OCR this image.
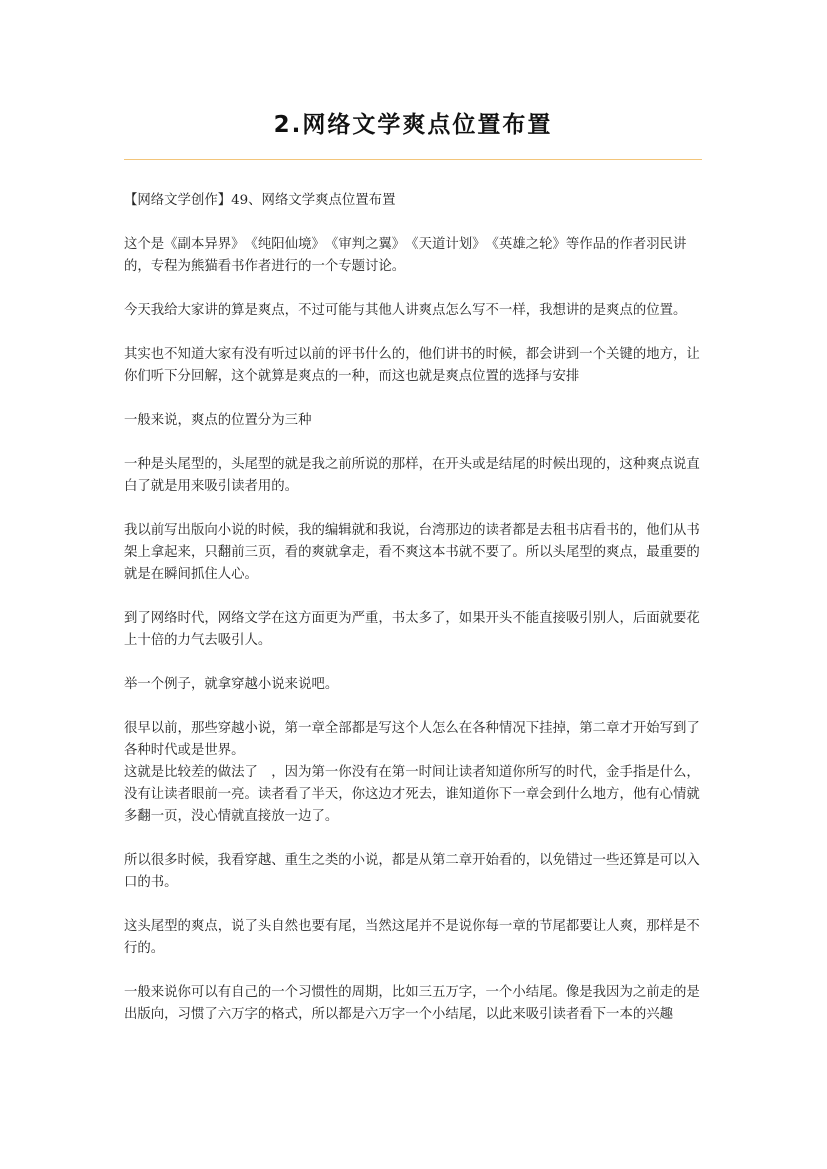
2.网络文学爽点位置布置

【网络文学创作】49、网络文学爽点位置布置

这个是《副本异界》　《纯阳仙境》　《审判之翼》　《天道计划》　《英雄之轮》等作品的作者羽民讲的，专程为熊猫看书作者进行的一个专题讨论。

今天我给大家讲的算是爽点，不过可能与其他人讲爽点怎么写不一样，我想讲的是爽点的位置。

其实也不知道大家有没有听过以前的评书什么的，他们讲书的时候，都会讲到一个关键的地方，让你们听下分回解，这个就算是爽点的一种，而这也就是爽点位置的选择与安排

一般来说，爽点的位置分为三种

一种是头尾型的，头尾型的就是我之前所说的那样，在开头或是结尾的时候出现的，这种爽点说直白了就是用来吸引读者用的。

我以前写出版向小说的时候，我的编辑就和我说，台湾那边的读者都是去租书店看书的，他们从书架上拿起来，只翻前三页，看的爽就拿走，看不爽这本书就不要了。所以头尾型的爽点，最重要的就是在瞬间抓住人心。

到了网络时代，网络文学在这方面更为严重，书太多了，如果开头不能直接吸引别人，后面就要花上十倍的力气去吸引人。

举一个例子，就拿穿越小说来说吧。

很早以前，那些穿越小说，第一章全部都是写这个人怎么在各种情况下挂掉，第二章才开始写到了各种时代或是世界。

这就是比较差的做法了　，因为第一你没有在第一时间让读者知道你所写的时代，金手指是什么，没有让读者眼前一亮。读者看了半天，你这边才死去，谁知道你下一章会到什么地方，他有心情就多翻一页，没心情就直接放一边了。

所以很多时候，我看穿越、重生之类的小说，都是从第二章开始看的，以免错过一些还算是可以入口的书。

这头尾型的爽点，说了头自然也要有尾，当然这尾并不是说你每一章的节尾都要让人爽，那样是不行的。

一般来说你可以有自己的一个习惯性的周期，比如三五万字，一个小结尾。像是我因为之前走的是出版向，习惯了六万字的格式，所以都是六万字一个小结尾，以此来吸引读者看下一本的兴趣
